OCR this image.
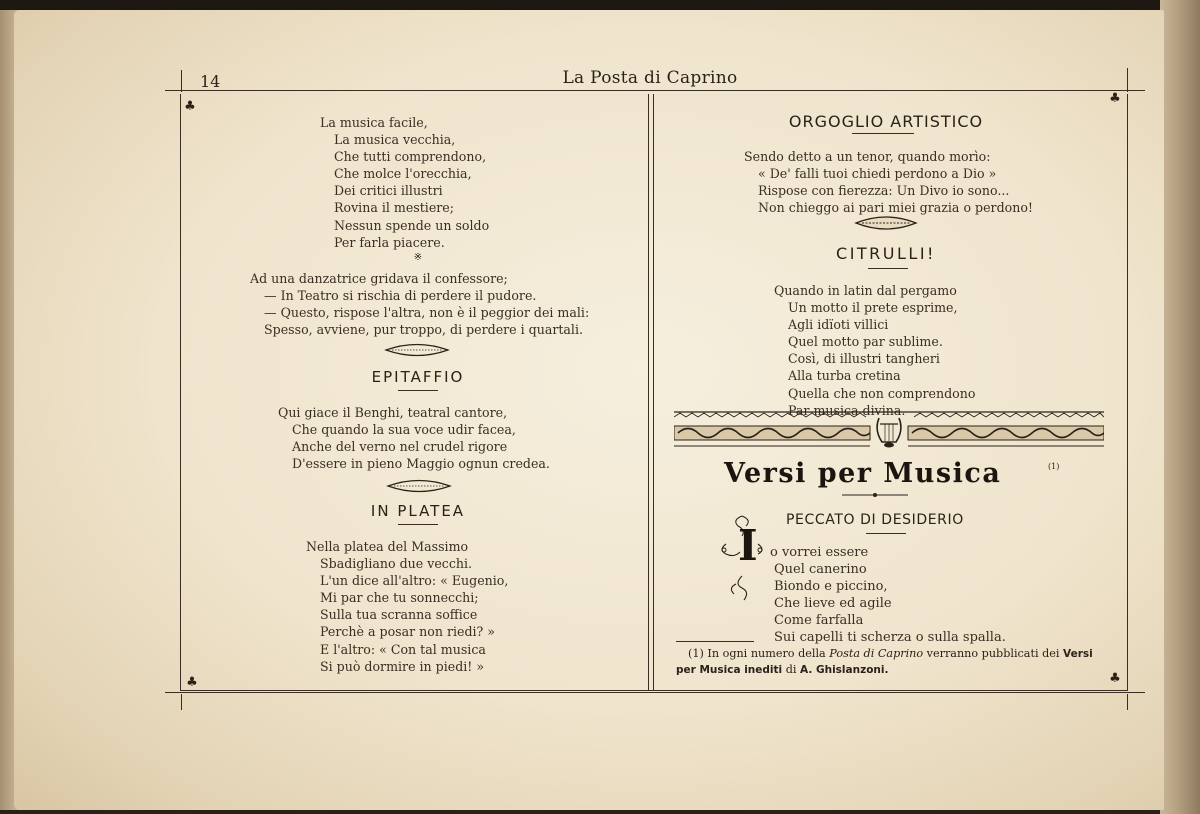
14	La Posta di Caprino
♣
♣
♣	♣
La musica facile,
La musica vecchia,
Che tutti comprendono,
Che molce l'orecchia,
Dei critici illustri
Rovina il mestiere;
Nessun spende un soldo
Per farla piacere.
※
Ad una danzatrice gridava il confessore;
— In Teatro si rischia di perdere il pudore.
— Questo, rispose l'altra, non è il peggior dei mali:
Spesso, avviene, pur troppo, di perdere i quartali.
EPITAFFIO
Qui giace il Benghi, teatral cantore,
Che quando la sua voce udir facea,
Anche del verno nel crudel rigore
D'essere in pieno Maggio ognun credea.
IN PLATEA
Nella platea del Massimo
Sbadigliano due vecchi.
L'un dice all'altro: « Eugenio,
Mi par che tu sonnecchi;
Sulla tua scranna soffice
Perchè a posar non riedi? »
E l'altro: « Con tal musica
Si può dormire in piedi! »
ORGOGLIO ARTISTICO
Sendo detto a un tenor, quando morìo:
« De' falli tuoi chiedi perdono a Dio »
Rispose con fierezza: Un Divo io sono...
Non chieggo ai pari miei grazia o perdono!
CITRULLI!
Quando in latin dal pergamo
Un motto il prete esprime,
Agli idïoti villici
Quel motto par sublime.
Così, di illustri tangheri
Alla turba cretina
Quella che non comprendono
Par musica divina.
Versi per Musica	(1)
PECCATO DI DESIDERIO
I o vorrei essere
Quel canerino
Biondo e piccino,
Che lieve ed agile
Come farfalla
Sui capelli ti scherza o sulla spalla.
(1) In ogni numero della Posta di Caprino verranno pubblicati dei Versi
per Musica inediti di A. Ghislanzoni.
